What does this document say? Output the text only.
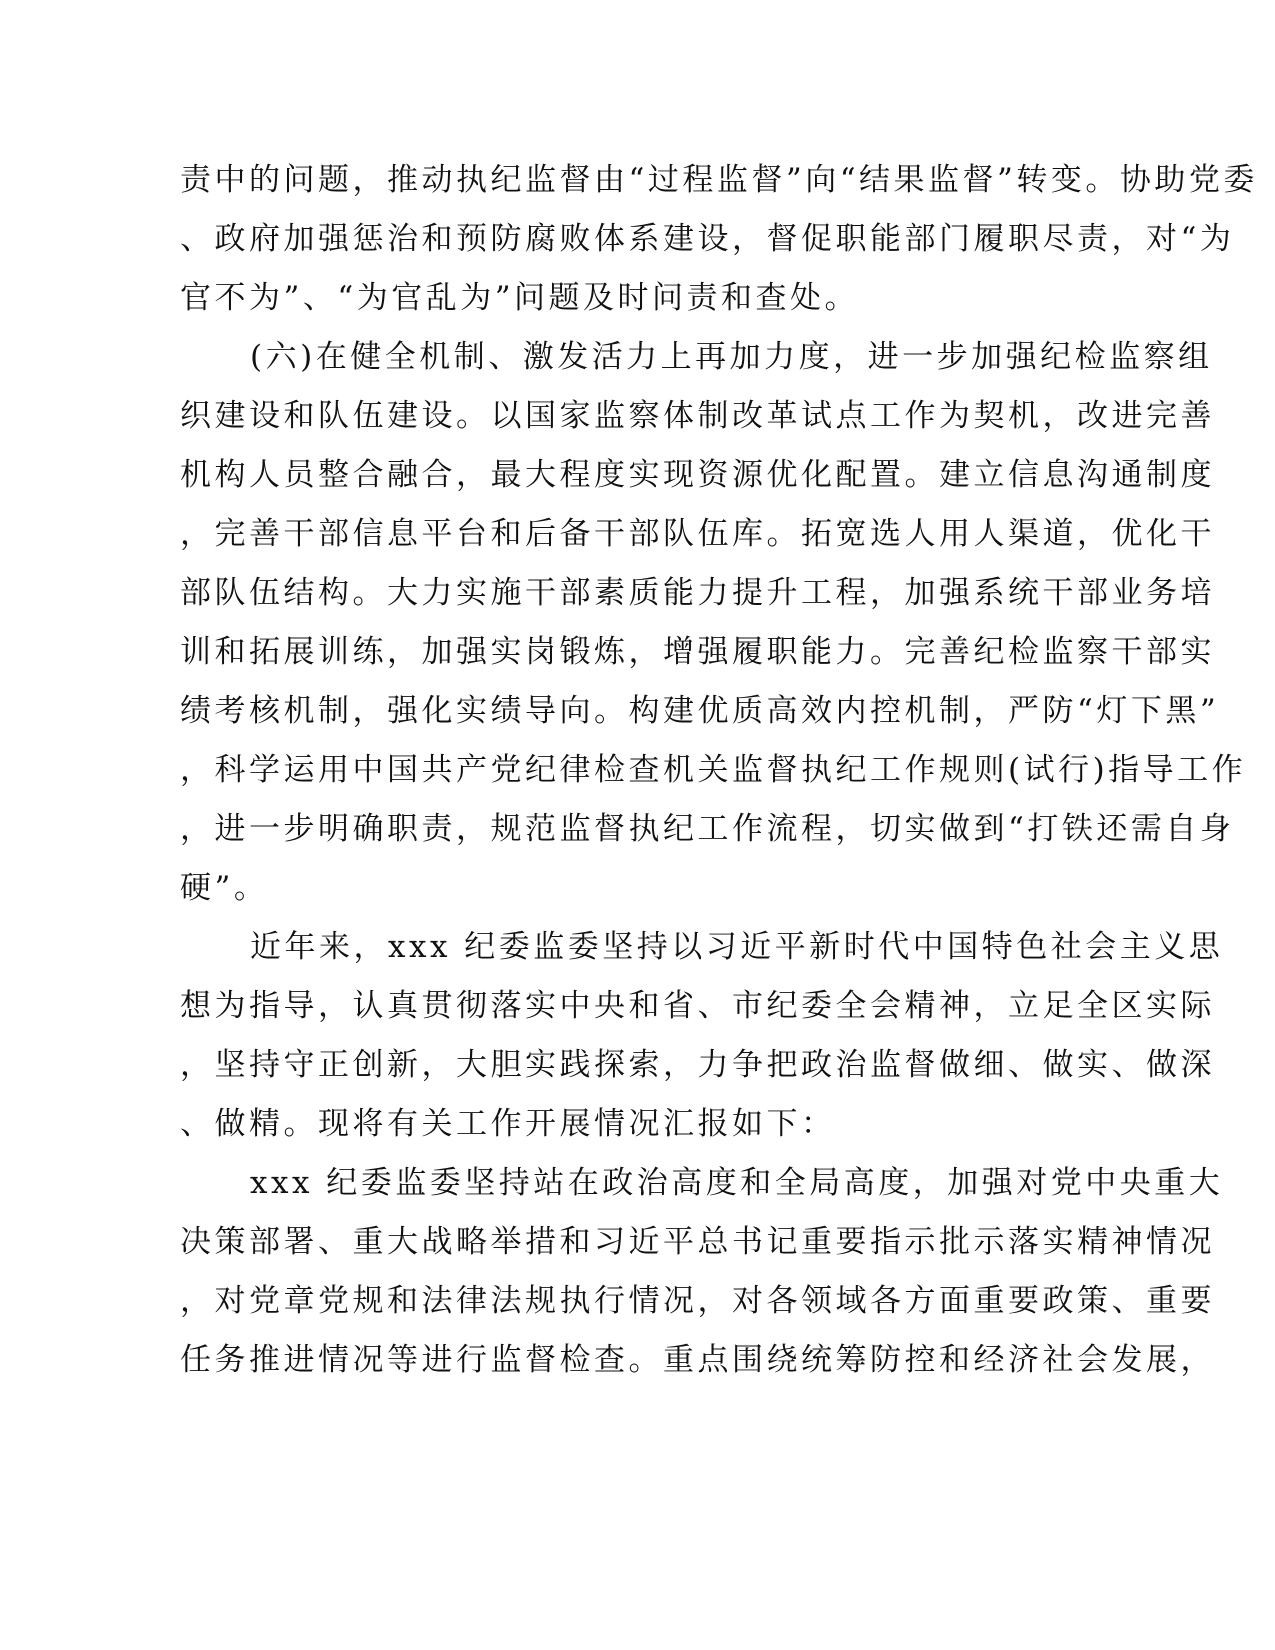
责中的问题，推动执纪监督由“过程监督”向“结果监督”转变。协助党委
、政府加强惩治和预防腐败体系建设，督促职能部门履职尽责，对“为
官不为”、“为官乱为”问题及时问责和查处。
(六)在健全机制、激发活力上再加力度，进一步加强纪检监察组
织建设和队伍建设。以国家监察体制改革试点工作为契机，改进完善
机构人员整合融合，最大程度实现资源优化配置。建立信息沟通制度
，完善干部信息平台和后备干部队伍库。拓宽选人用人渠道，优化干
部队伍结构。大力实施干部素质能力提升工程，加强系统干部业务培
训和拓展训练，加强实岗锻炼，增强履职能力。完善纪检监察干部实
绩考核机制，强化实绩导向。构建优质高效内控机制，严防“灯下黑”
，科学运用中国共产党纪律检查机关监督执纪工作规则(试行)指导工作
，进一步明确职责，规范监督执纪工作流程，切实做到“打铁还需自身
硬”。
近年来，xxx 纪委监委坚持以习近平新时代中国特色社会主义思
想为指导，认真贯彻落实中央和省、市纪委全会精神，立足全区实际
，坚持守正创新，大胆实践探索，力争把政治监督做细、做实、做深
、做精。现将有关工作开展情况汇报如下：
xxx 纪委监委坚持站在政治高度和全局高度，加强对党中央重大
决策部署、重大战略举措和习近平总书记重要指示批示落实精神情况
，对党章党规和法律法规执行情况，对各领域各方面重要政策、重要
任务推进情况等进行监督检查。重点围绕统筹防控和经济社会发展，
